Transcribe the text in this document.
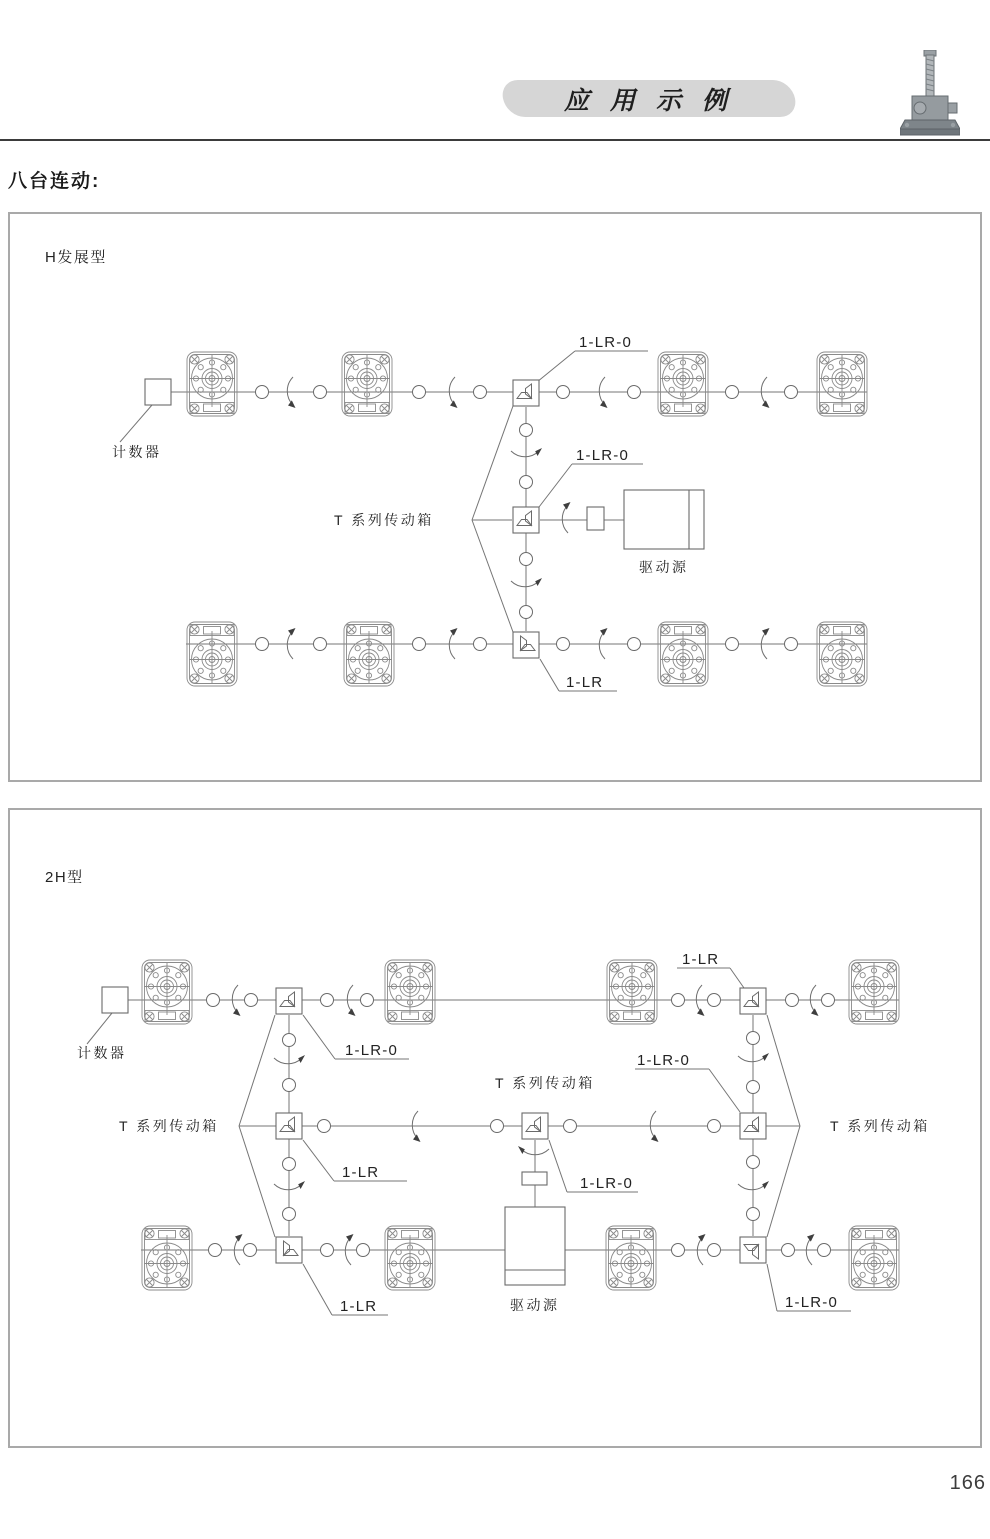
应 用 示 例
八台连动:
H发展型
计数器
T 系列传动箱
驱动源
1-LR-0
1-LR-0
1-LR
2H型
计数器
T 系列传动箱
T 系列传动箱
T 系列传动箱
驱动源
1-LR-0
1-LR
1-LR
1-LR-0
1-LR-0
1-LR
1-LR-0
166
